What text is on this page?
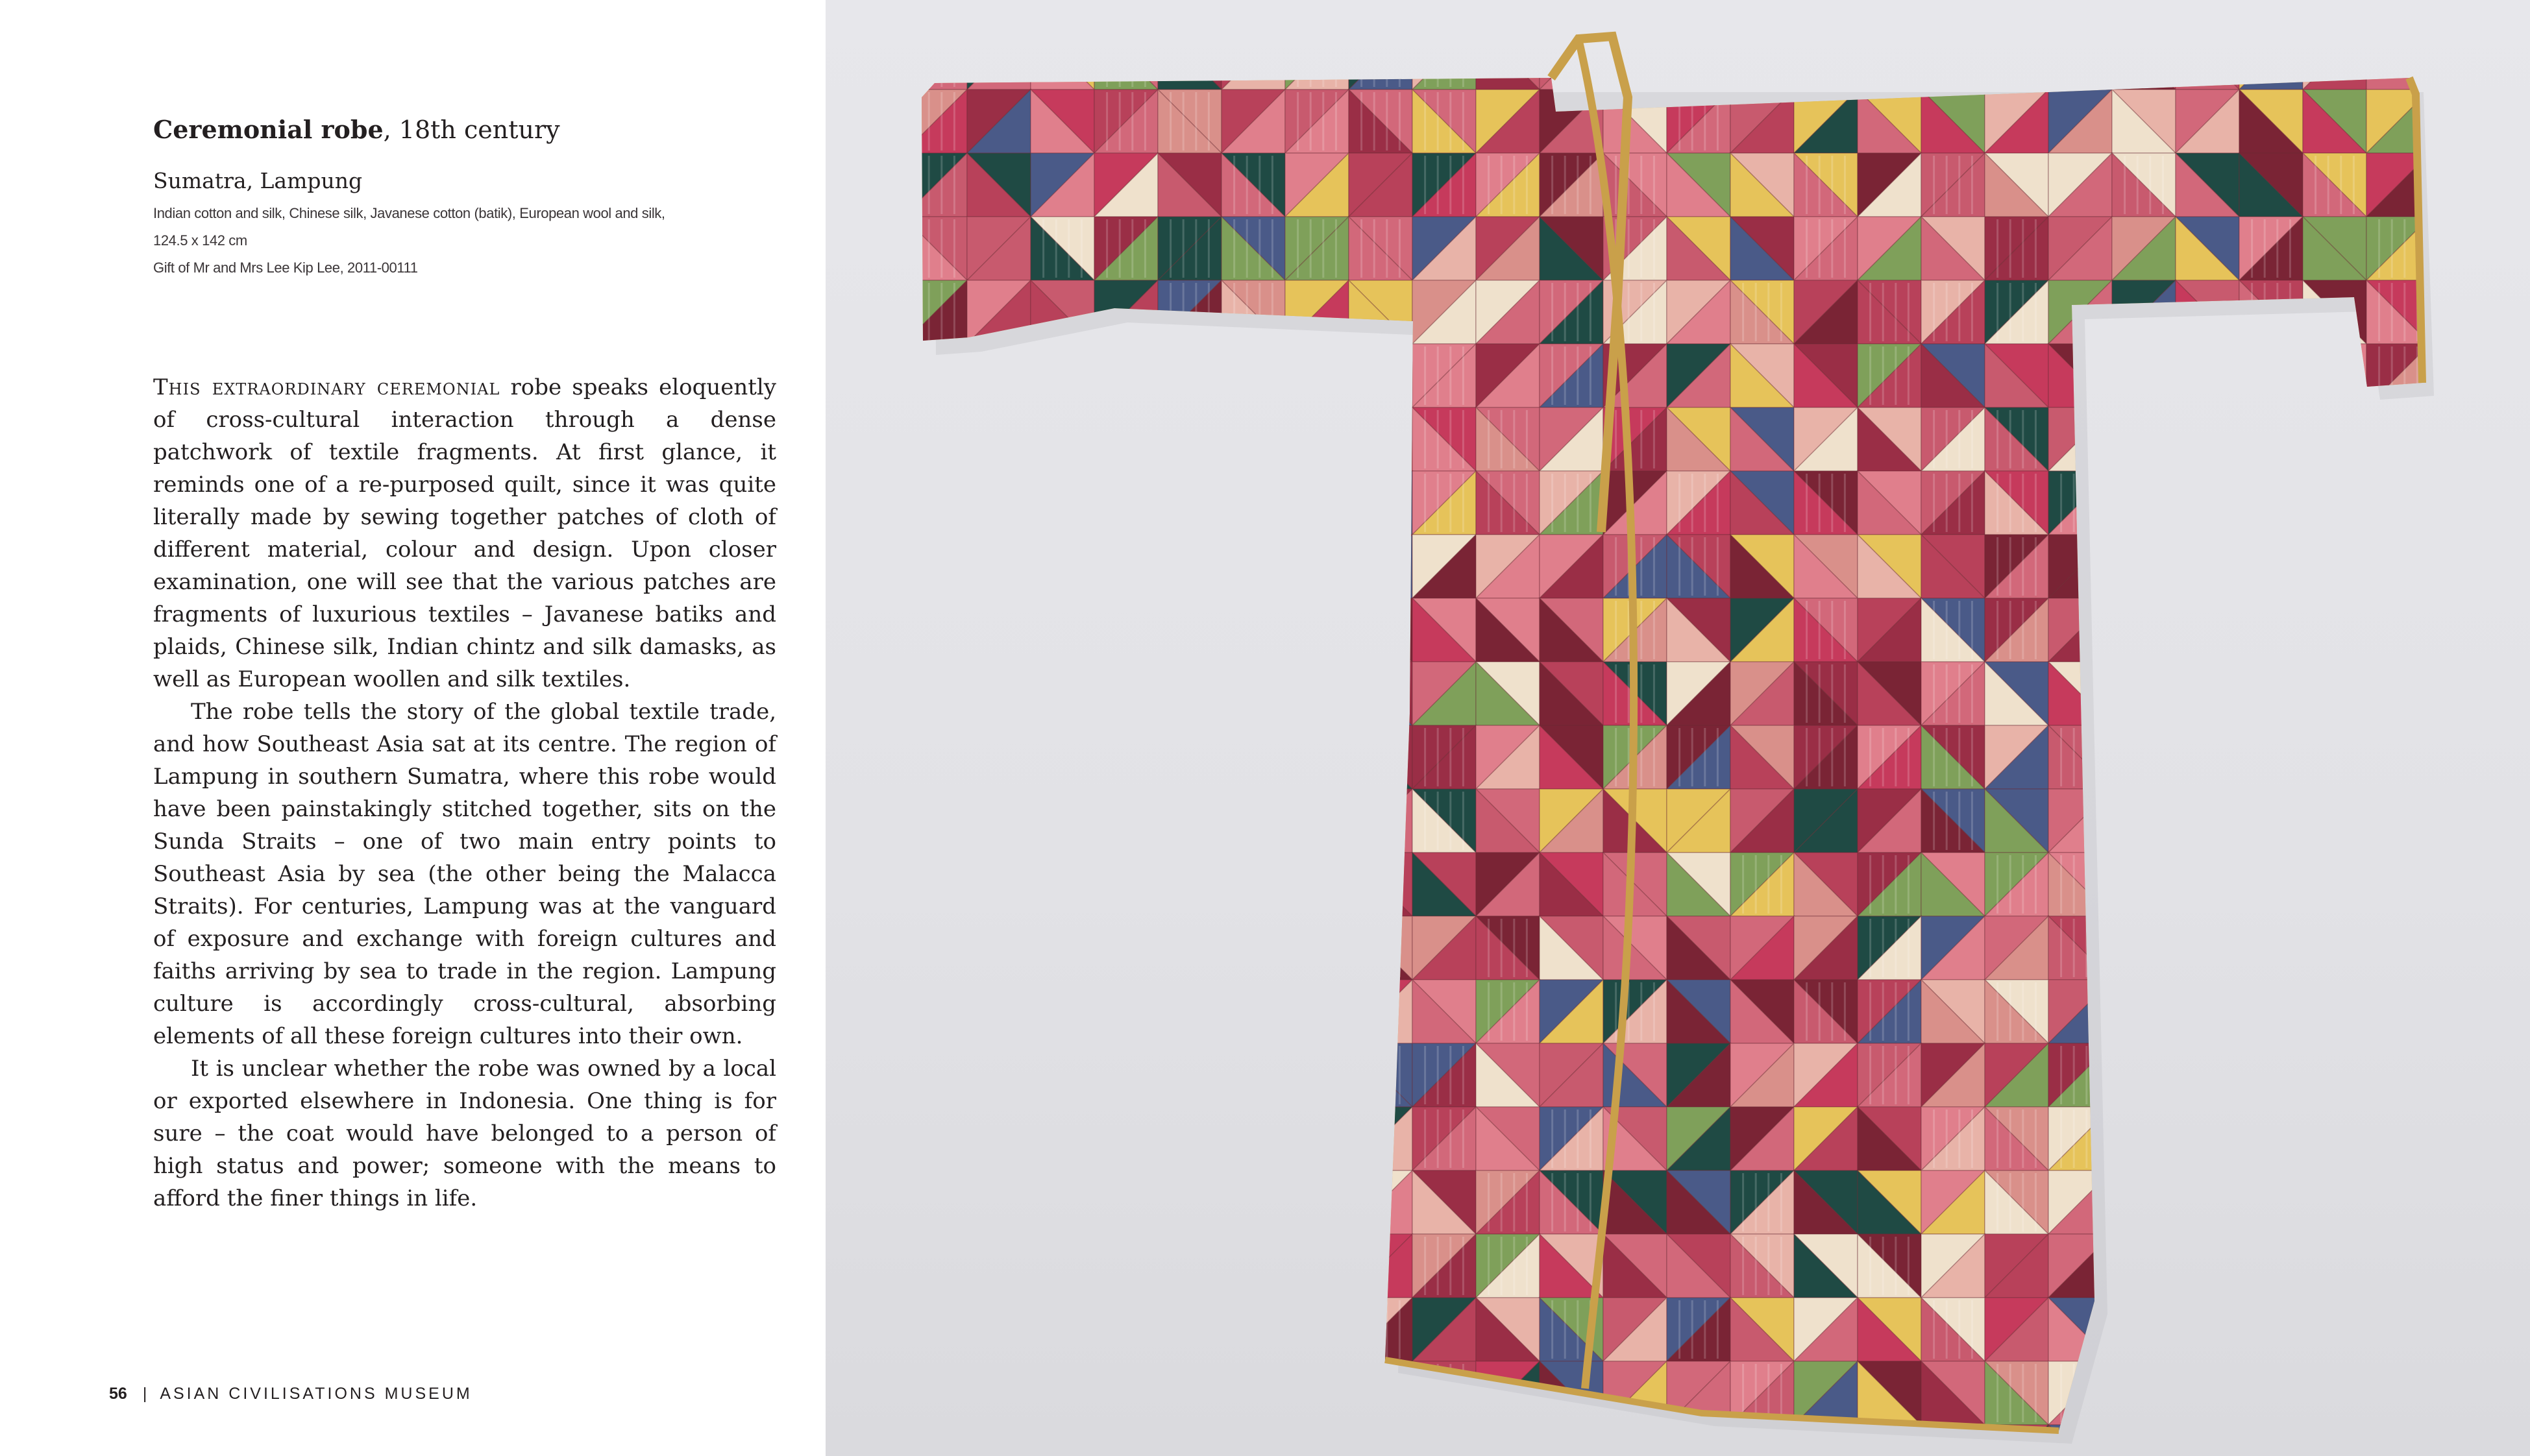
Ceremonial robe, 18th century

Sumatra, Lampung

Indian cotton and silk, Chinese silk, Javanese cotton (batik), European wool and silk,

124.5 x 142 cm

Gift of Mr and Mrs Lee Kip Lee, 2011-00111

This extraordinary ceremonial robe speaks eloquently of cross-cultural interaction through a dense patchwork of textile fragments. At first glance, it reminds one of a re-purposed quilt, since it was quite literally made by sewing together patches of cloth of different material, colour and design. Upon closer examination, one will see that the various patches are fragments of luxurious textiles – Javanese batiks and plaids, Chinese silk, Indian chintz and silk damasks, as well as European woollen and silk textiles.

The robe tells the story of the global textile trade, and how Southeast Asia sat at its centre. The region of Lampung in southern Sumatra, where this robe would have been painstakingly stitched together, sits on the Sunda Straits – one of two main entry points to Southeast Asia by sea (the other being the Malacca Straits). For centuries, Lampung was at the vanguard of exposure and exchange with foreign cultures and faiths arriving by sea to trade in the region. Lampung culture is accordingly cross-cultural, absorbing elements of all these foreign cultures into their own.

It is unclear whether the robe was owned by a local or exported elsewhere in Indonesia. One thing is for sure – the coat would have belonged to a person of high status and power; someone with the means to afford the finer things in life.

56 | ASIAN CIVILISATIONS MUSEUM
